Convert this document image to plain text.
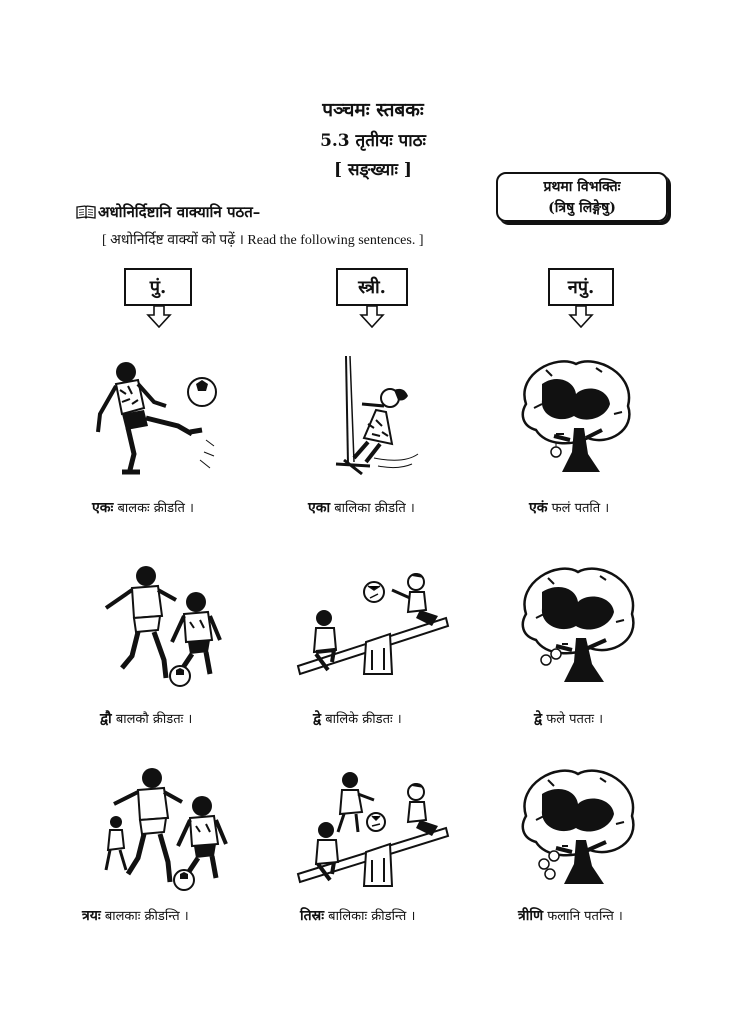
पञ्चमः स्तबकः
5.3 तृतीयः पाठः
[ सङ्ख्याः ]
प्रथमा विभक्तिः
(त्रिषु लिङ्गेषु)
अधोनिर्दिष्टानि वाक्यानि पठत–
[ अधोनिर्दिष्ट वाक्यों को पढ़ें । Read the following sentences. ]
पुं.	स्त्री.	नपुं.
एकः बालकः क्रीडति ।	एका बालिका क्रीडति ।	एकं फलं पतति ।
द्वौ बालकौ क्रीडतः ।	द्वे बालिके क्रीडतः ।	द्वे फले पततः ।
त्रयः बालकाः क्रीडन्ति ।	तिस्रः बालिकाः क्रीडन्ति ।	त्रीणि फलानि पतन्ति ।
